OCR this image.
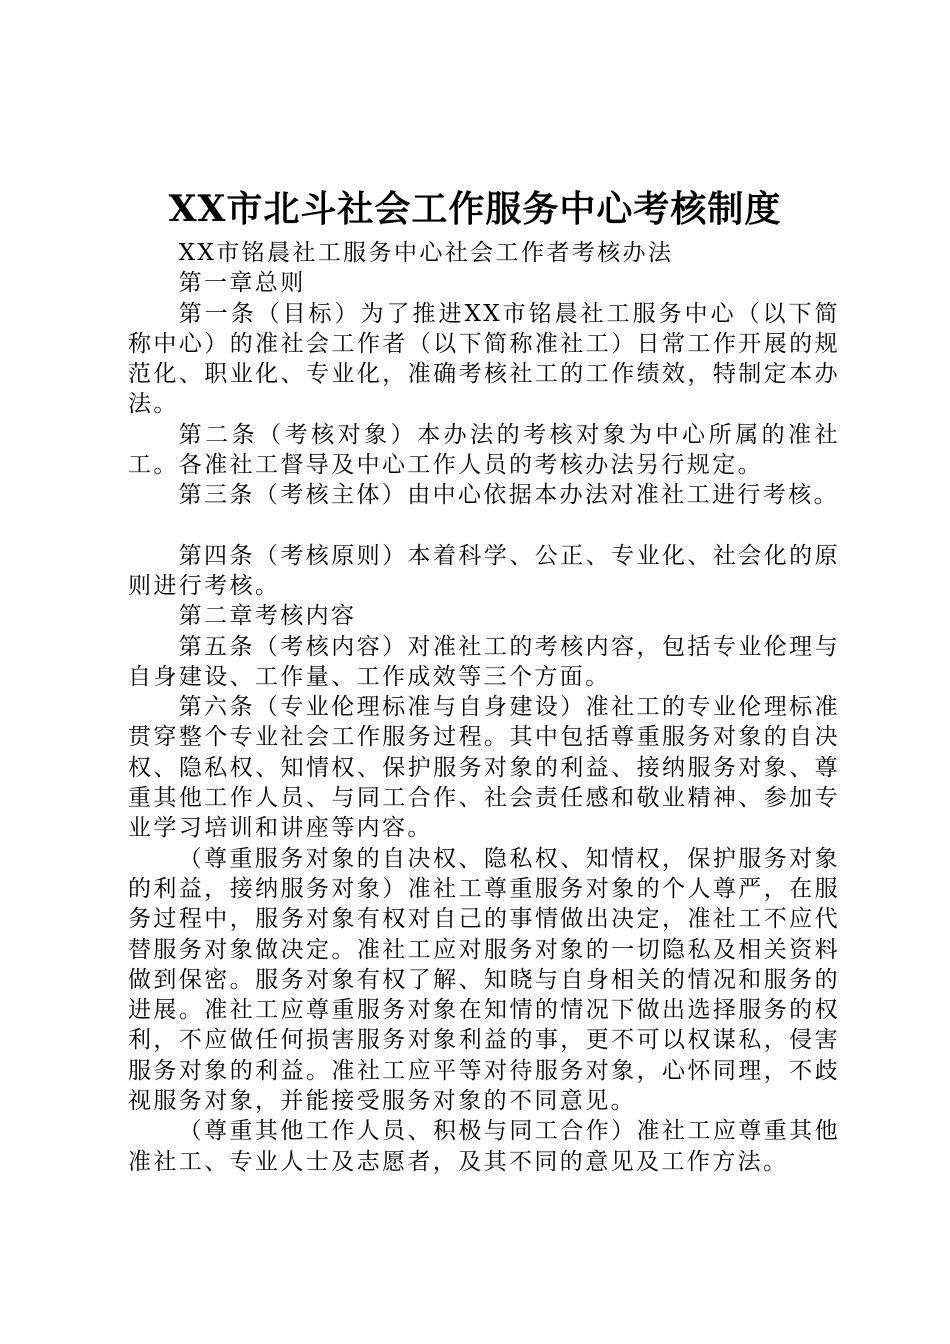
XX市北斗社会工作服务中心考核制度

XX市铭晨社工服务中心社会工作者考核办法

第一章总则

第一条（目标）为了推进XX市铭晨社工服务中心（以下简称中心）的准社会工作者（以下简称准社工）日常工作开展的规范化、职业化、专业化，准确考核社工的工作绩效，特制定本办法。

第二条（考核对象）本办法的考核对象为中心所属的准社工。各准社工督导及中心工作人员的考核办法另行规定。

第三条（考核主体）由中心依据本办法对准社工进行考核。

第四条（考核原则）本着科学、公正、专业化、社会化的原则进行考核。

第二章考核内容

第五条（考核内容）对准社工的考核内容，包括专业伦理与自身建设、工作量、工作成效等三个方面。

第六条（专业伦理标准与自身建设）准社工的专业伦理标准贯穿整个专业社会工作服务过程。其中包括尊重服务对象的自决权、隐私权、知情权、保护服务对象的利益、接纳服务对象、尊重其他工作人员、与同工合作、社会责任感和敬业精神、参加专业学习培训和讲座等内容。

（尊重服务对象的自决权、隐私权、知情权，保护服务对象的利益，接纳服务对象）准社工尊重服务对象的个人尊严，在服务过程中，服务对象有权对自己的事情做出决定，准社工不应代替服务对象做决定。准社工应对服务对象的一切隐私及相关资料做到保密。服务对象有权了解、知晓与自身相关的情况和服务的进展。准社工应尊重服务对象在知情的情况下做出选择服务的权利，不应做任何损害服务对象利益的事，更不可以权谋私，侵害服务对象的利益。准社工应平等对待服务对象，心怀同理，不歧视服务对象，并能接受服务对象的不同意见。

（尊重其他工作人员、积极与同工合作）准社工应尊重其他准社工、专业人士及志愿者，及其不同的意见及工作方法。
